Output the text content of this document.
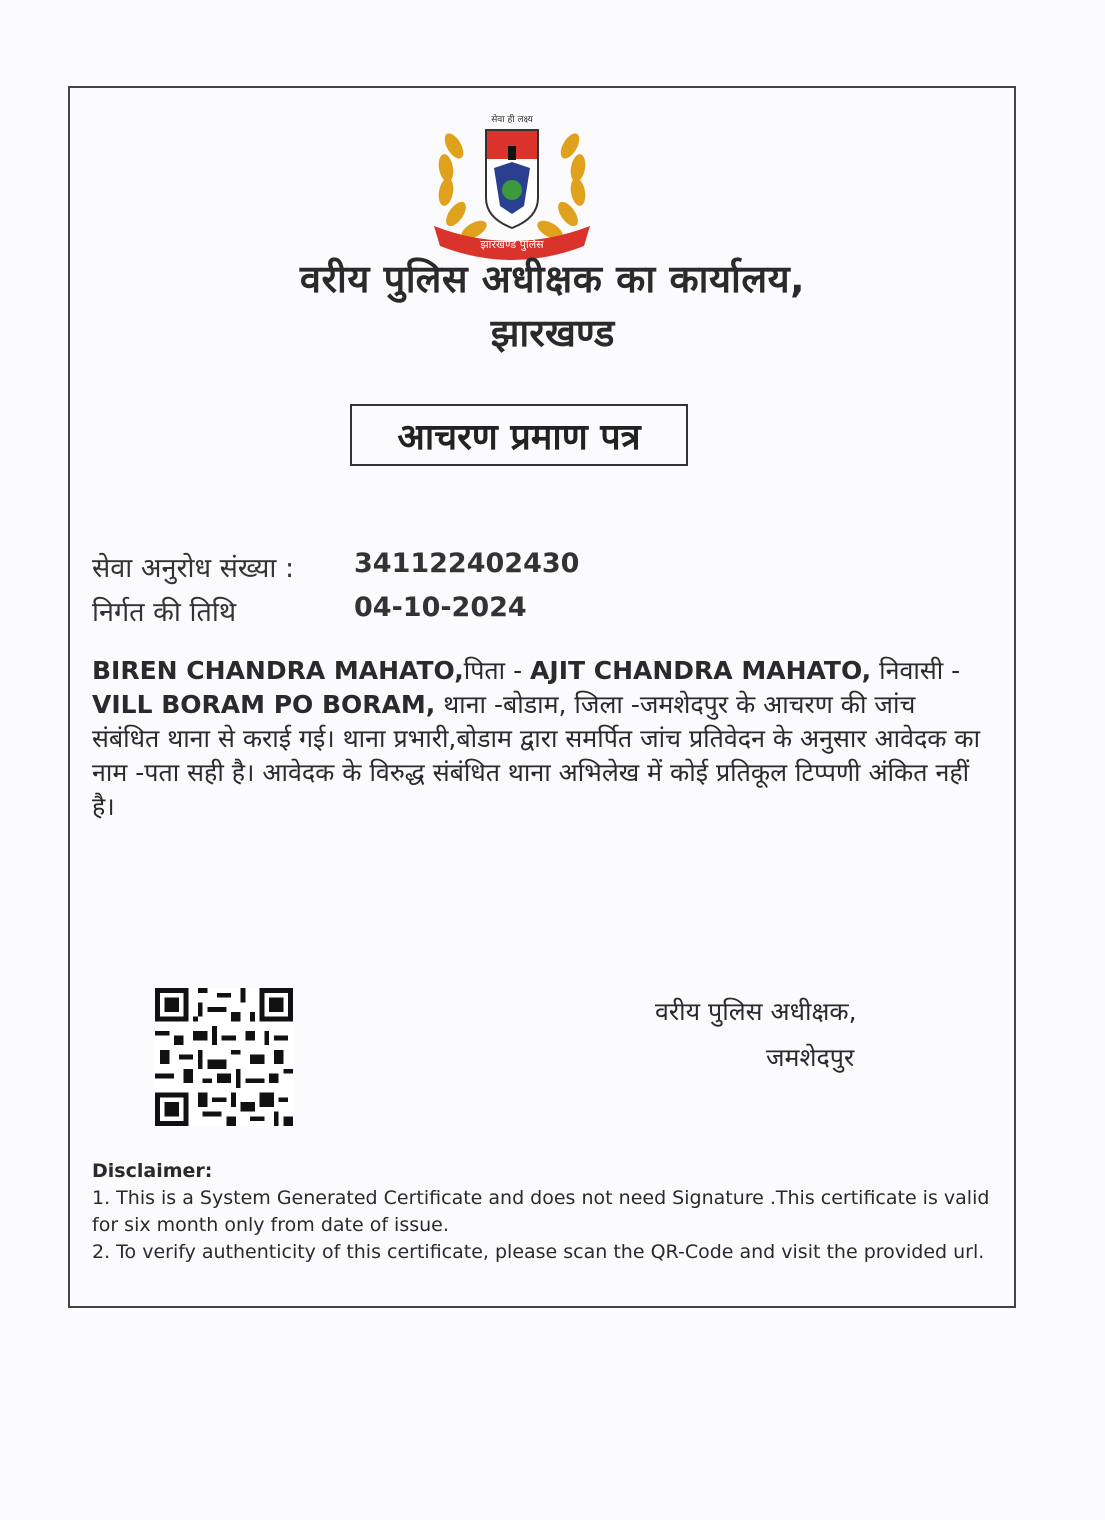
सेवा ही लक्ष्य
झारखण्ड पुलिस
वरीय पुलिस अधीक्षक का कार्यालय,
झारखण्ड
आचरण प्रमाण पत्र
सेवा अनुरोध संख्या : 341122402430
निर्गत की तिथि	04-10-2024
BIREN CHANDRA MAHATO,पिता - AJIT CHANDRA MAHATO, निवासी - VILL BORAM PO BORAM, थाना -बोडाम, जिला -जमशेदपुर के आचरण की जांच संबंधित थाना से कराई गई। थाना प्रभारी,बोडाम द्वारा समर्पित जांच प्रतिवेदन के अनुसार आवेदक का नाम -पता सही है। आवेदक के विरुद्ध संबंधित थाना अभिलेख में कोई प्रतिकूल टिप्पणी अंकित नहीं है।
वरीय पुलिस अधीक्षक,
जमशेदपुर
Disclaimer:
1. This is a System Generated Certificate and does not need Signature .This certificate is valid for six month only from date of issue.
2. To verify authenticity of this certificate, please scan the QR-Code and visit the provided url.
